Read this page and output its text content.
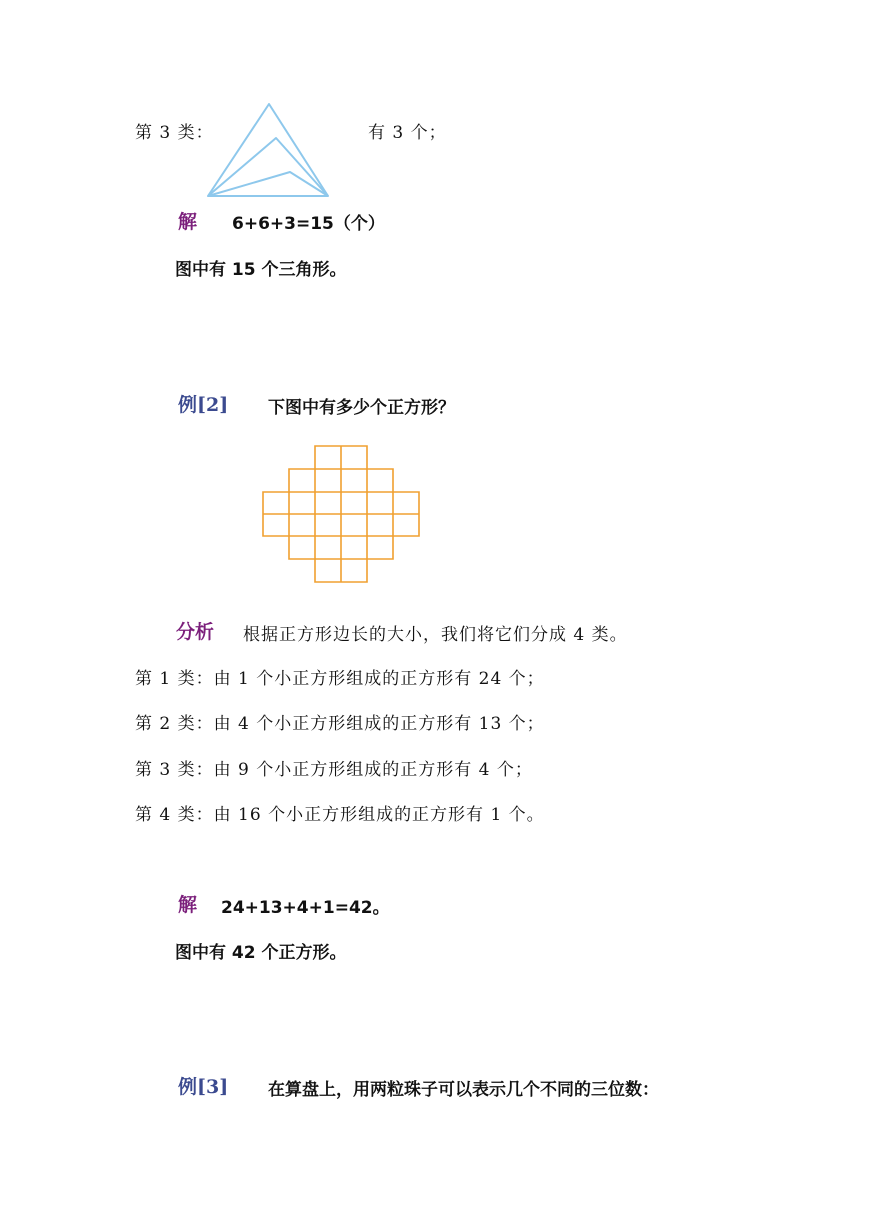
第 3 类：	有 3 个；
解 6+6+3=15（个）
图中有 15 个三角形。
例[2] 下图中有多少个正方形？
分析 根据正方形边长的大小，我们将它们分成 4 类。
第 1 类：由 1 个小正方形组成的正方形有 24 个；
第 2 类：由 4 个小正方形组成的正方形有 13 个；
第 3 类：由 9 个小正方形组成的正方形有 4 个；
第 4 类：由 16 个小正方形组成的正方形有 1 个。
解 24+13+4+1=42。
图中有 42 个正方形。
例[3] 在算盘上，用两粒珠子可以表示几个不同的三位数：
